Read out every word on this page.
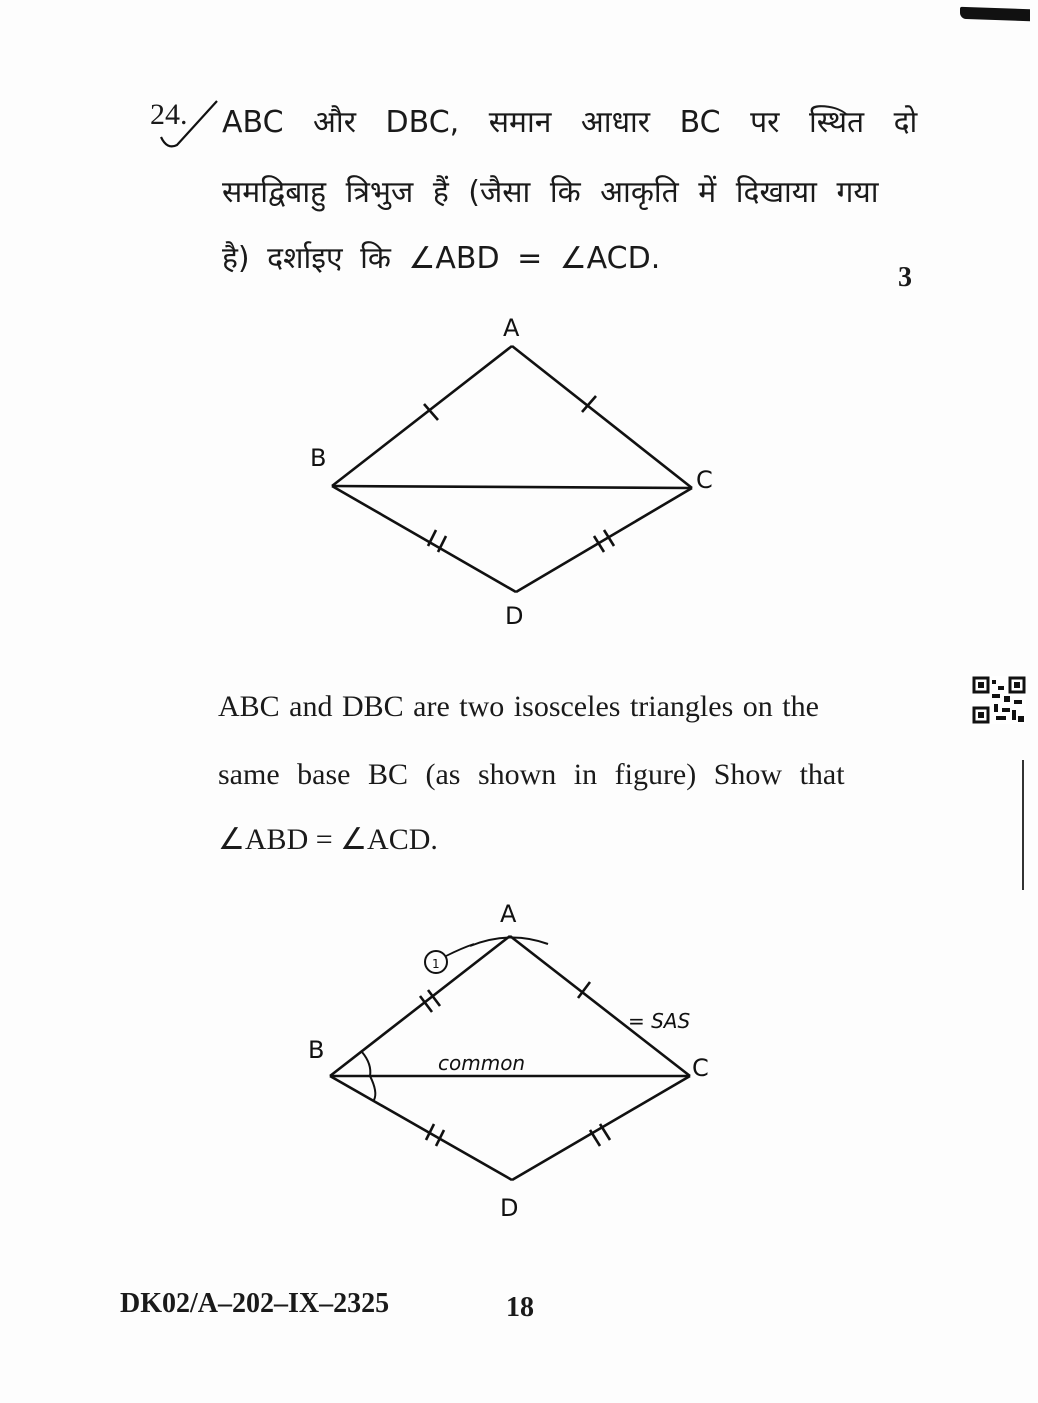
24. ABC और DBC, समान आधार BC पर स्थित दो
समद्विबाहु त्रिभुज हैं (जैसा कि आकृति में दिखाया गया
है) दर्शाइए कि ∠ABD = ∠ACD.
3
A
B
C
D
ABC and DBC are two isosceles triangles on the
same base BC (as shown in figure) Show that
∠ABD = ∠ACD.
1
A
B
C
D
common
= SAS
DK02/A–202–IX–2325	18
